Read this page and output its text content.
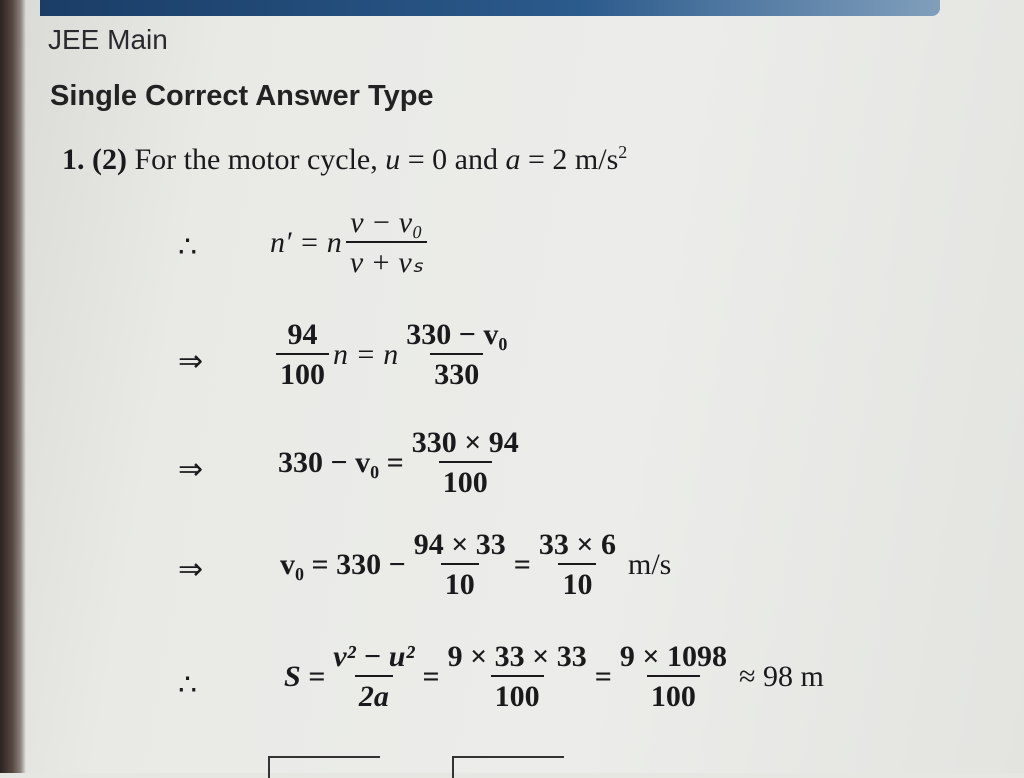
JEE Main
Single Correct Answer Type
1. (2) For the motor cycle, u = 0 and a = 2 $m/s^2$
∴ n′ = n $\frac{\text{v − v₀}}{\text{v + vₛ}}$
⇒ $\frac{94}{100}$ n = n $\frac{\text{330 − v₀}}{330}$
⇒ $330 - v_0 = \frac{330 \times 94}{100}$
⇒	$v_0 = 330 - \frac{94 \times 33}{10} = \frac{33 \times 6}{10} m/s$
∴	$S = \frac{\text{v² − u²}}{2a} = \frac{9 \times 33 \times 33}{100} = \frac{9 \times 1098}{100} \approx 98$ m
